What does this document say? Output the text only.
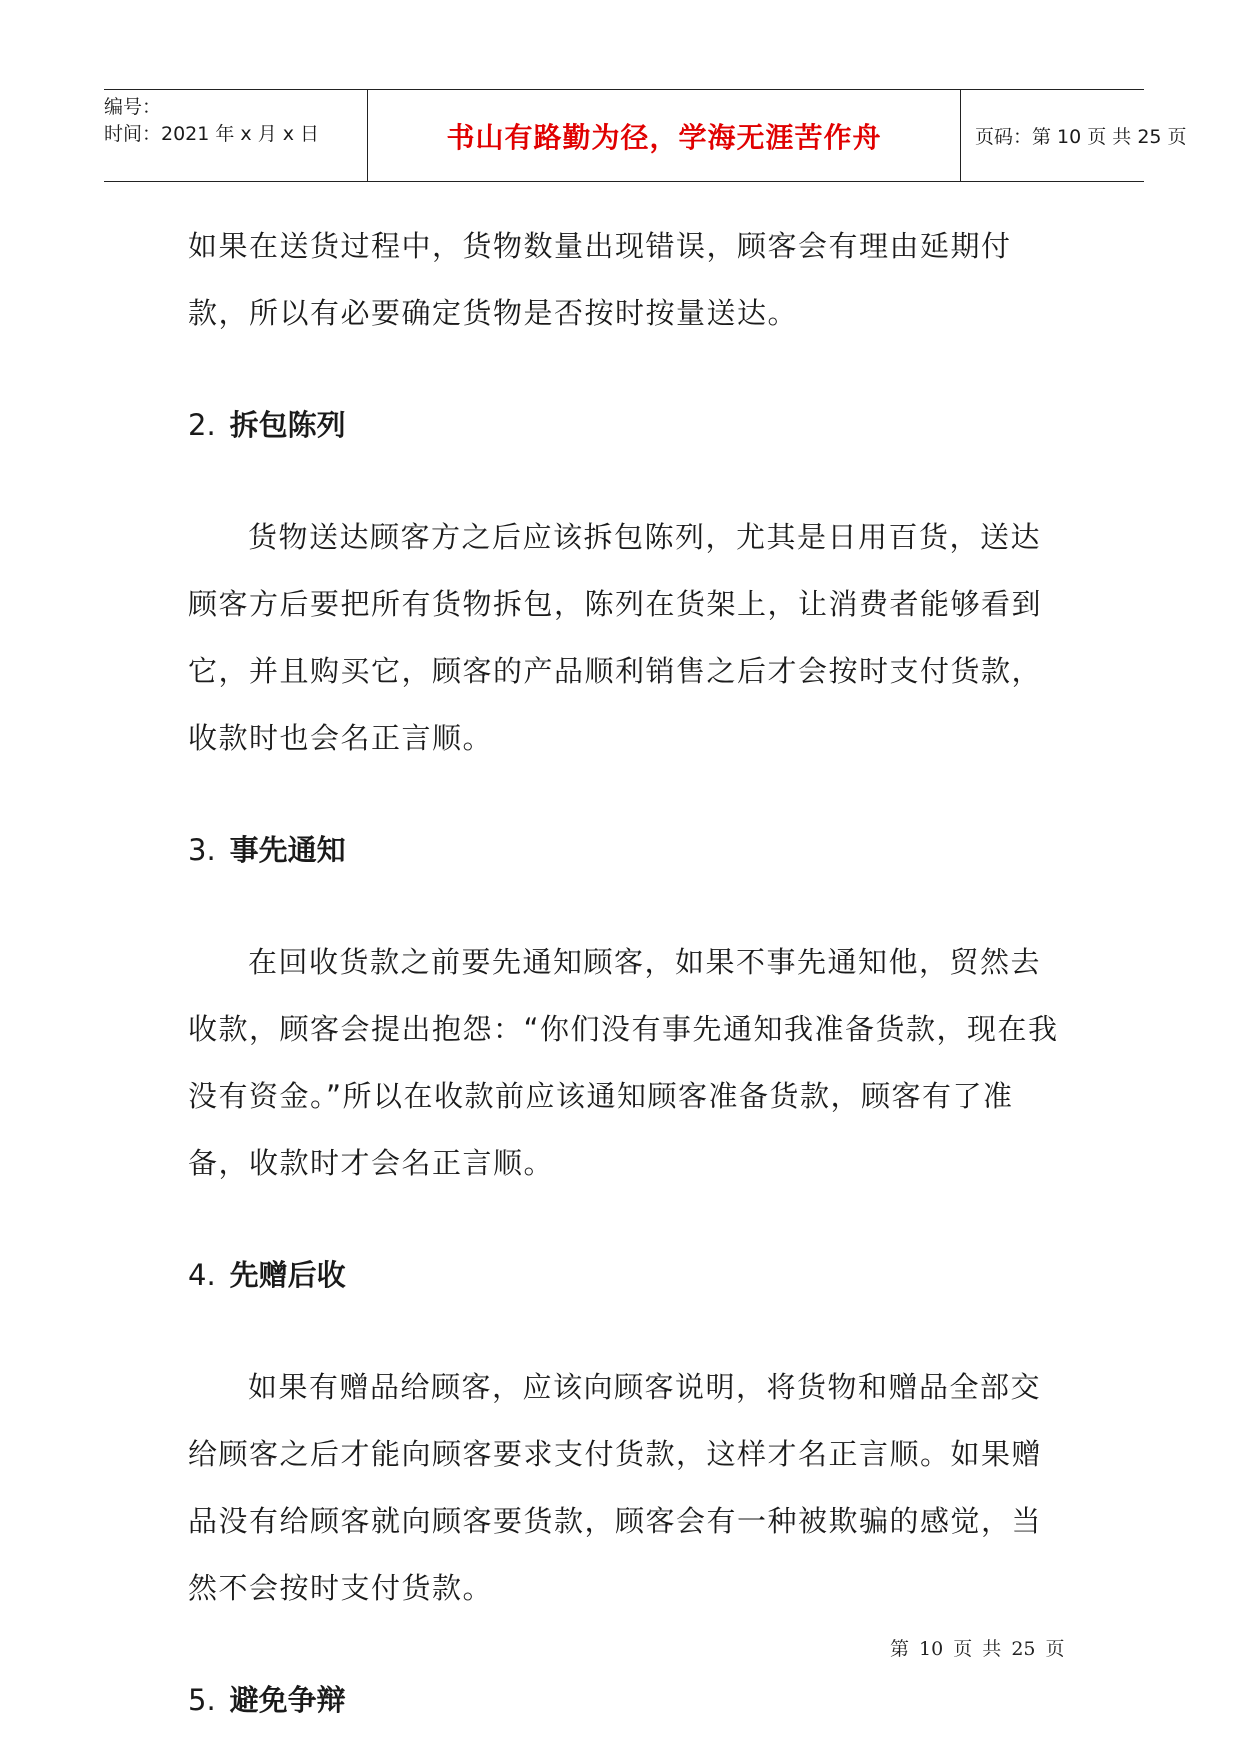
编号：
时间：2021 年 x 月 x 日	书山有路勤为径，学海无涯苦作舟	页码：第 10 页 共 25 页

如果在送货过程中，货物数量出现错误，顾客会有理由延期付款，所以有必要确定货物是否按时按量送达。

2. 拆包陈列

货物送达顾客方之后应该拆包陈列，尤其是日用百货，送达顾客方后要把所有货物拆包，陈列在货架上，让消费者能够看到它，并且购买它，顾客的产品顺利销售之后才会按时支付货款，收款时也会名正言顺。

3. 事先通知

在回收货款之前要先通知顾客，如果不事先通知他，贸然去收款，顾客会提出抱怨：“你们没有事先通知我准备货款，现在我没有资金。”所以在收款前应该通知顾客准备货款，顾客有了准备，收款时才会名正言顺。

4. 先赠后收

如果有赠品给顾客，应该向顾客说明，将货物和赠品全部交给顾客之后才能向顾客要求支付货款，这样才名正言顺。如果赠品没有给顾客就向顾客要货款，顾客会有一种被欺骗的感觉，当然不会按时支付货款。

5. 避免争辩
第 10 页 共 25 页
